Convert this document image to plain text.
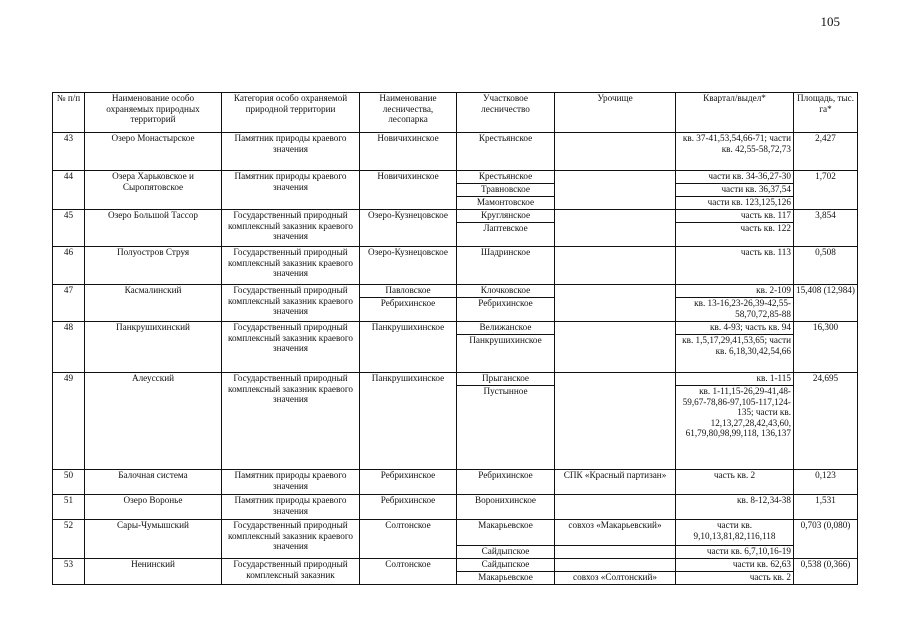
105
№ п/п	Наименование особо охраняемых природных территорий	Категория особо охраняемой природной территории	Наименование лесничества, лесопарка	Участковое лесничество	Урочище	Квартал/выдел*	Площадь, тыс. га*
43	Озеро Монастырское	Памятник природы краевого значения	Новичихинское	Крестьянское		кв. 37-41,53,54,66-71; части кв. 42,55-58,72,73	2,427
44	Озера Харьковское и Сыропятовское	Памятник природы краевого значения	Новичихинское	Крестьянское		части кв. 34-36,27-30	1,702
				Травновское		части кв. 36,37,54	
				Мамонтовское		части кв. 123,125,126	
45	Озеро Большой Тассор	Государственный природный комплексный заказник краевого значения	Озеро-Кузнецовское	Круглянское		часть кв. 117	3,854
				Лаптевское		часть кв. 122	
46	Полуостров Струя	Государственный природный комплексный заказник краевого значения	Озеро-Кузнецовское	Шадринское		часть кв. 113	0,508
47	Касмалинский	Государственный природный комплексный заказник краевого значения	Павловское	Клочковское		кв. 2-109	15,408 (12,984)
			Ребрихинское	Ребрихинское		кв. 13-16,23-26,39-42,55-58,70,72,85-88	
48	Панкрушихинский	Государственный природный комплексный заказник краевого значения	Панкрушихинское	Велижанское		кв. 4-93; часть кв. 94	16,300
				Панкрушихинское		кв. 1,5,17,29,41,53,65; части кв. 6,18,30,42,54,66	
49	Алеусский	Государственный природный комплексный заказник краевого значения	Панкрушихинское	Прыганское		кв. 1-115	24,695
				Пустынное		кв. 1-11,15-26,29-41,48-59,67-78,86-97,105-117,124-135; части кв. 12,13,27,28,42,43,60, 61,79,80,98,99,118, 136,137	
50	Балочная система	Памятник природы краевого значения	Ребрихинское	Ребрихинское	СПК «Красный партизан»	часть кв. 2	0,123
51	Озеро Воронье	Памятник природы краевого значения	Ребрихинское	Воронихинское		кв. 8-12,34-38	1,531
52	Сары-Чумышский	Государственный природный комплексный заказник краевого значения	Солтонское	Макарьевское	совхоз «Макарьевский»	части кв. 9,10,13,81,82,116,118	0,703 (0,080)
				Сайдыпское		части кв. 6,7,10,16-19	
53	Ненинский	Государственный природный комплексный заказник	Солтонское	Сайдыпское		части кв. 62,63	0,538 (0,366)
				Макарьевское	совхоз «Солтонский»	часть кв. 2	
